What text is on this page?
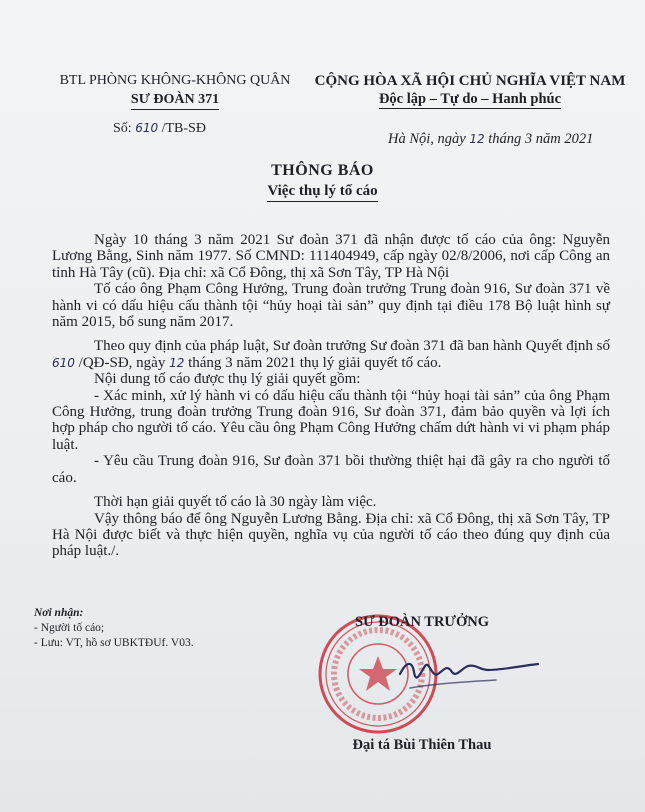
BTL PHÒNG KHÔNG-KHÔNG QUÂN
SƯ ĐOÀN 371
Số: 610 /TB-SĐ
CỘNG HÒA XÃ HỘI CHỦ NGHĨA VIỆT NAM
Độc lập – Tự do – Hanh phúc
Hà Nội, ngày 12 tháng 3 năm 2021
THÔNG BÁO
Việc thụ lý tố cáo

Ngày 10 tháng 3 năm 2021 Sư đoàn 371 đã nhận được tố cáo của ông: Nguyễn Lương Bằng, Sinh năm 1977. Số CMND: 111404949, cấp ngày 02/8/2006, nơi cấp Công an tỉnh Hà Tây (cũ). Địa chỉ: xã Cổ Đông, thị xã Sơn Tây, TP Hà Nội

Tố cáo ông Phạm Công Hưởng, Trung đoàn trưởng Trung đoàn 916, Sư đoàn 371 về hành vi có dấu hiệu cấu thành tội “hủy hoại tài sản” quy định tại điều 178 Bộ luật hình sự năm 2015, bổ sung năm 2017.

Theo quy định của pháp luật, Sư đoàn trưởng Sư đoàn 371 đã ban hành Quyết định số 610 /QĐ-SĐ, ngày 12 tháng 3 năm 2021 thụ lý giải quyết tố cáo.

Nội dung tố cáo được thụ lý giải quyết gồm:

- Xác minh, xử lý hành vi có dấu hiệu cấu thành tội “hủy hoại tài sản” của ông Phạm Công Hưởng, trung đoàn trưởng Trung đoàn 916, Sư đoàn 371, đảm bảo quyền và lợi ích hợp pháp cho người tố cáo. Yêu cầu ông Phạm Công Hưởng chấm dứt hành vi vi phạm pháp luật.

- Yêu cầu Trung đoàn 916, Sư đoàn 371 bồi thường thiệt hại đã gây ra cho người tố cáo.

Thời hạn giải quyết tố cáo là 30 ngày làm việc.

Vậy thông báo để ông Nguyễn Lương Bằng. Địa chỉ: xã Cổ Đông, thị xã Sơn Tây, TP Hà Nội được biết và thực hiện quyền, nghĩa vụ của người tố cáo theo đúng quy định của pháp luật./.

Nơi nhận:
- Người tố cáo;
- Lưu: VT, hồ sơ UBKTĐUf. V03.
SƯ ĐOÀN TRƯỞNG
Đại tá Bùi Thiên Thau
